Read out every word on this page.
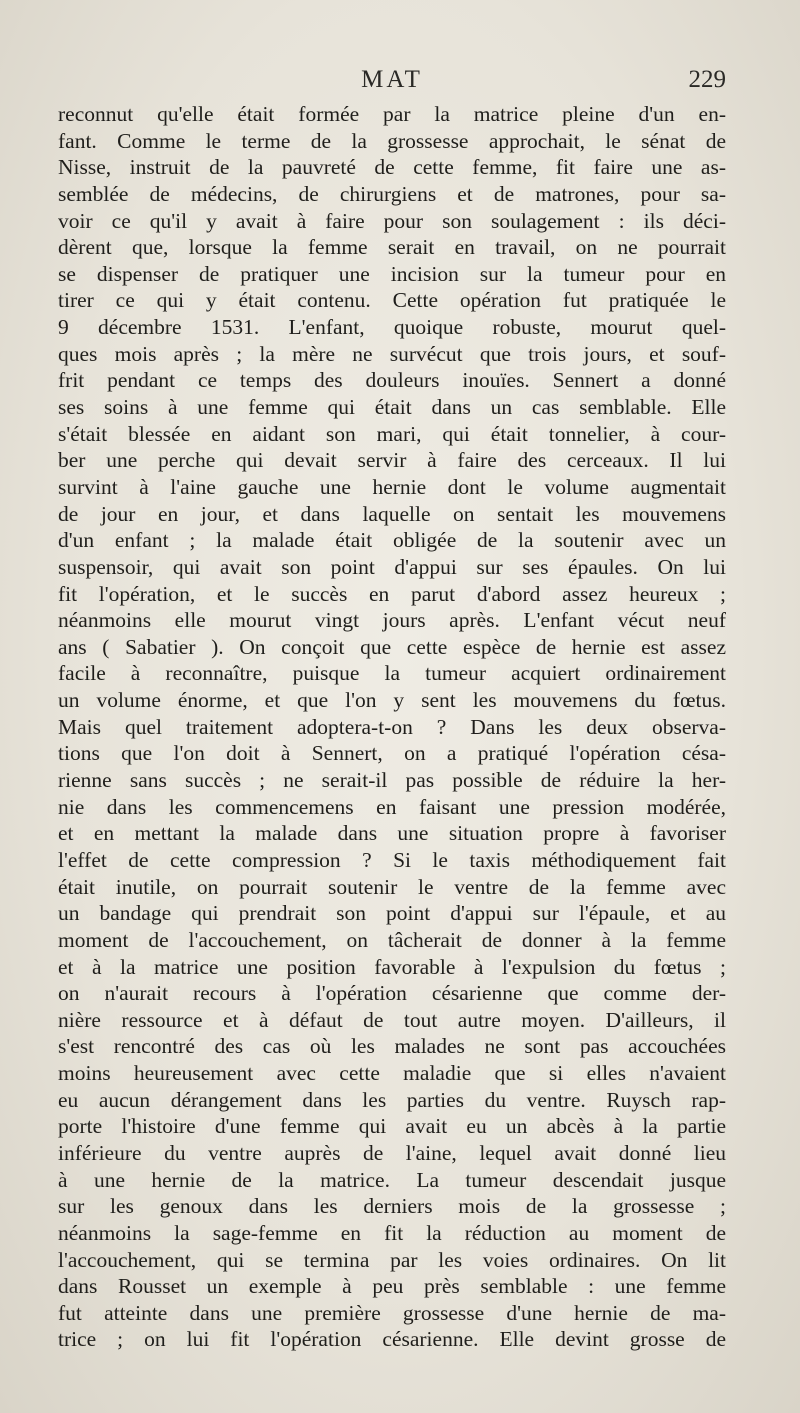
MAT	229
reconnut qu'elle était formée par la matrice pleine d'un en-
fant. Comme le terme de la grossesse approchait, le sénat de
Nisse, instruit de la pauvreté de cette femme, fit faire une as-
semblée de médecins, de chirurgiens et de matrones, pour sa-
voir ce qu'il y avait à faire pour son soulagement : ils déci-
dèrent que, lorsque la femme serait en travail, on ne pourrait
se dispenser de pratiquer une incision sur la tumeur pour en
tirer ce qui y était contenu. Cette opération fut pratiquée le
9 décembre 1531. L'enfant, quoique robuste, mourut quel-
ques mois après ; la mère ne survécut que trois jours, et souf-
frit pendant ce temps des douleurs inouïes. Sennert a donné
ses soins à une femme qui était dans un cas semblable. Elle
s'était blessée en aidant son mari, qui était tonnelier, à cour-
ber une perche qui devait servir à faire des cerceaux. Il lui
survint à l'aine gauche une hernie dont le volume augmentait
de jour en jour, et dans laquelle on sentait les mouvemens
d'un enfant ; la malade était obligée de la soutenir avec un
suspensoir, qui avait son point d'appui sur ses épaules. On lui
fit l'opération, et le succès en parut d'abord assez heureux ;
néanmoins elle mourut vingt jours après. L'enfant vécut neuf
ans ( Sabatier ). On conçoit que cette espèce de hernie est assez
facile à reconnaître, puisque la tumeur acquiert ordinairement
un volume énorme, et que l'on y sent les mouvemens du fœtus.
Mais quel traitement adoptera-t-on ? Dans les deux observa-
tions que l'on doit à Sennert, on a pratiqué l'opération césa-
rienne sans succès ; ne serait-il pas possible de réduire la her-
nie dans les commencemens en faisant une pression modérée,
et en mettant la malade dans une situation propre à favoriser
l'effet de cette compression ? Si le taxis méthodiquement fait
était inutile, on pourrait soutenir le ventre de la femme avec
un bandage qui prendrait son point d'appui sur l'épaule, et au
moment de l'accouchement, on tâcherait de donner à la femme
et à la matrice une position favorable à l'expulsion du fœtus ;
on n'aurait recours à l'opération césarienne que comme der-
nière ressource et à défaut de tout autre moyen. D'ailleurs, il
s'est rencontré des cas où les malades ne sont pas accouchées
moins heureusement avec cette maladie que si elles n'avaient
eu aucun dérangement dans les parties du ventre. Ruysch rap-
porte l'histoire d'une femme qui avait eu un abcès à la partie
inférieure du ventre auprès de l'aine, lequel avait donné lieu
à une hernie de la matrice. La tumeur descendait jusque
sur les genoux dans les derniers mois de la grossesse ;
néanmoins la sage-femme en fit la réduction au moment de
l'accouchement, qui se termina par les voies ordinaires. On lit
dans Rousset un exemple à peu près semblable : une femme
fut atteinte dans une première grossesse d'une hernie de ma-
trice ; on lui fit l'opération césarienne. Elle devint grosse de
